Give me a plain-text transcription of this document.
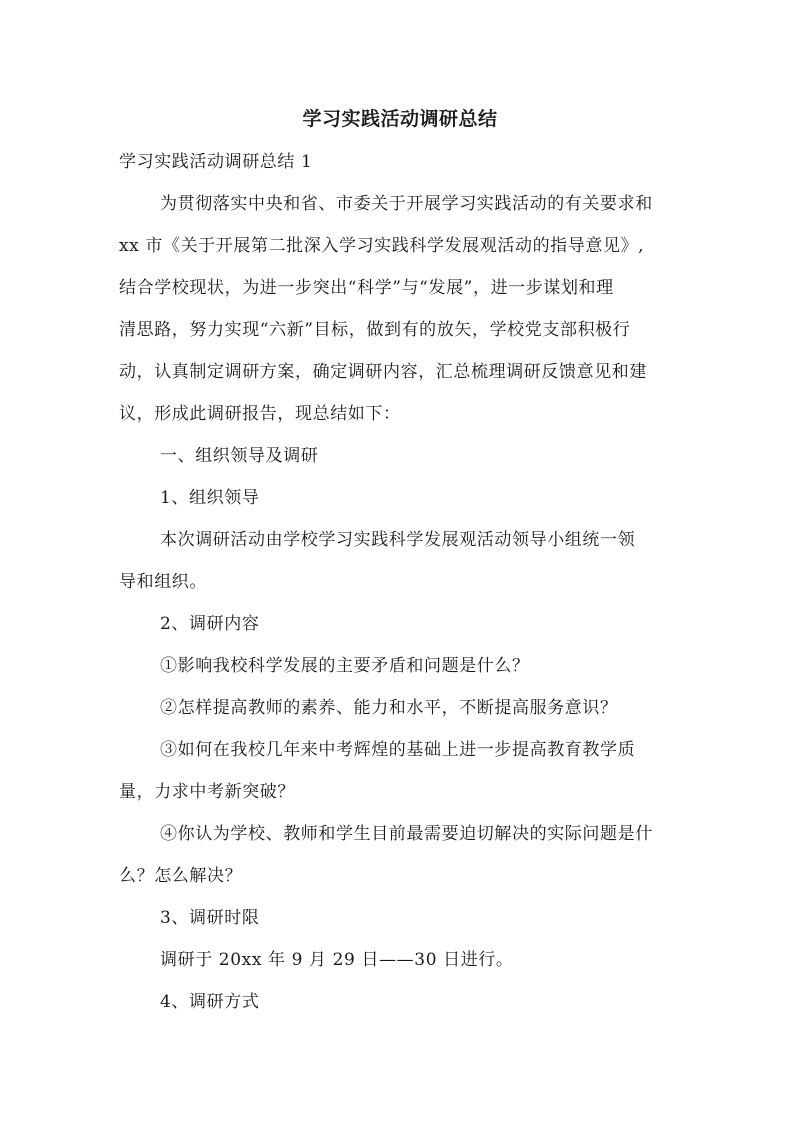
学习实践活动调研总结
学习实践活动调研总结 1
为贯彻落实中央和省、市委关于开展学习实践活动的有关要求和
xx 市《关于开展第二批深入学习实践科学发展观活动的指导意见》,
结合学校现状，为进一步突出“科学”与“发展”，进一步谋划和理
清思路，努力实现“六新”目标，做到有的放矢，学校党支部积极行
动，认真制定调研方案，确定调研内容，汇总梳理调研反馈意见和建
议，形成此调研报告，现总结如下：
一、组织领导及调研
1、组织领导
本次调研活动由学校学习实践科学发展观活动领导小组统一领
导和组织。
2、调研内容
①影响我校科学发展的主要矛盾和问题是什么？
②怎样提高教师的素养、能力和水平，不断提高服务意识？
③如何在我校几年来中考辉煌的基础上进一步提高教育教学质
量，力求中考新突破？
④你认为学校、教师和学生目前最需要迫切解决的实际问题是什
么？怎么解决？
3、调研时限
调研于 20xx 年 9 月 29 日——30 日进行。
4、调研方式
